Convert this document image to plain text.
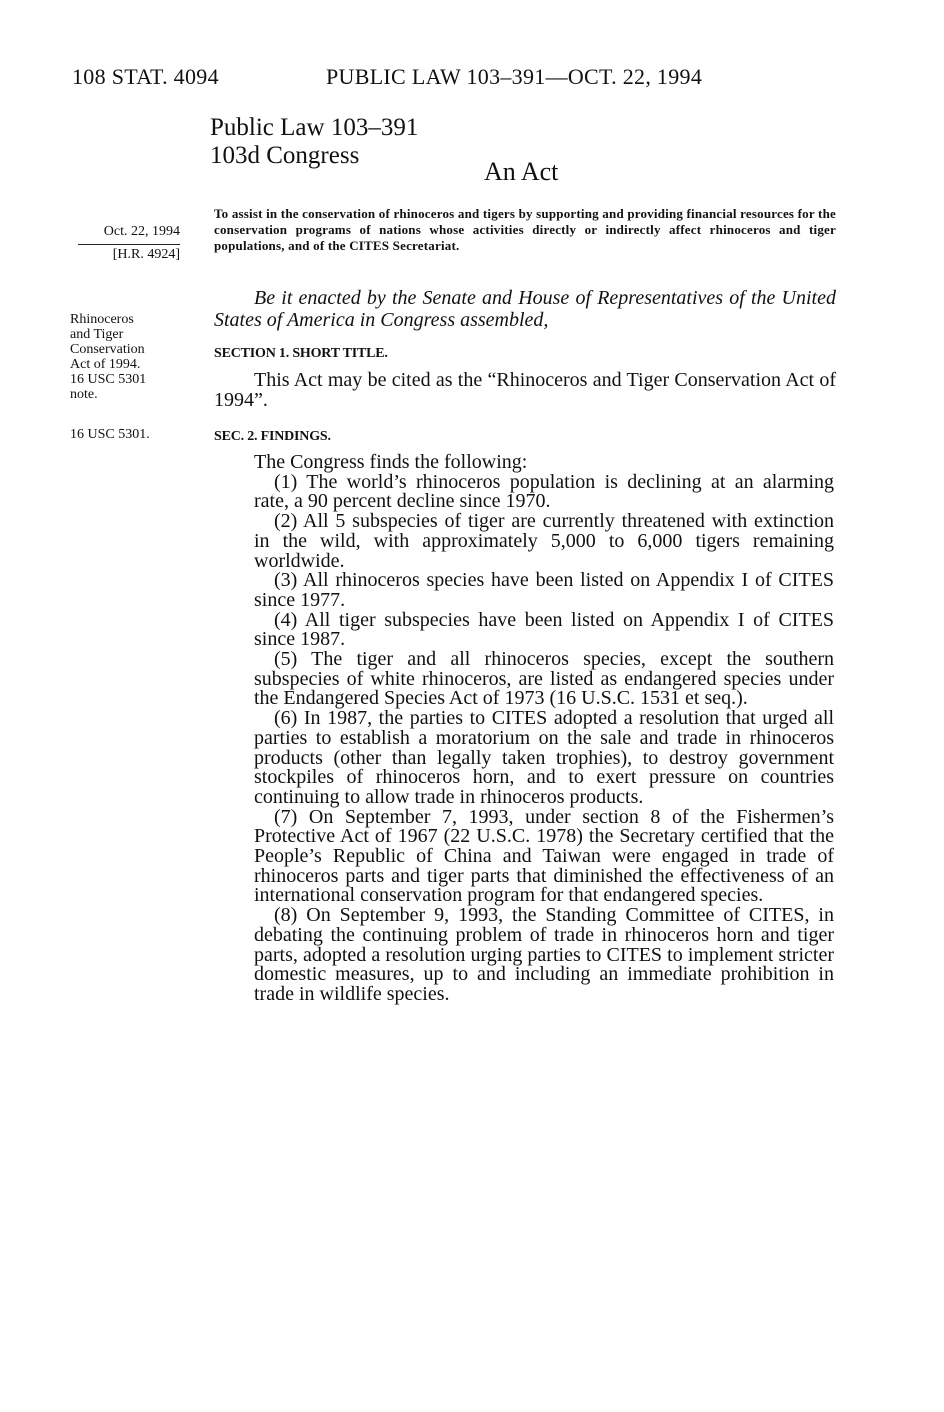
108 STAT. 4094	PUBLIC LAW 103–391—OCT. 22, 1994
Public Law 103–391
103d Congress
An Act
To assist in the conservation of rhinoceros and tigers by supporting and providing financial resources for the conservation programs of nations whose activities directly or indirectly affect rhinoceros and tiger populations, and of the CITES Secretariat.
Oct. 22, 1994
[H.R. 4924]
Rhinoceros
and Tiger
Conservation
Act of 1994.
16 USC 5301
note.
16 USC 5301.
Be it enacted by the Senate and House of Representatives of the United States of America in Congress assembled,
SECTION 1. SHORT TITLE.
This Act may be cited as the “Rhinoceros and Tiger Conservation Act of 1994”.
SEC. 2. FINDINGS.

The Congress finds the following:

(1) The world’s rhinoceros population is declining at an alarming rate, a 90 percent decline since 1970.

(2) All 5 subspecies of tiger are currently threatened with extinction in the wild, with approximately 5,000 to 6,000 tigers remaining worldwide.

(3) All rhinoceros species have been listed on Appendix I of CITES since 1977.

(4) All tiger subspecies have been listed on Appendix I of CITES since 1987.

(5) The tiger and all rhinoceros species, except the southern subspecies of white rhinoceros, are listed as endangered species under the Endangered Species Act of 1973 (16 U.S.C. 1531 et seq.).

(6) In 1987, the parties to CITES adopted a resolution that urged all parties to establish a moratorium on the sale and trade in rhinoceros products (other than legally taken trophies), to destroy government stockpiles of rhinoceros horn, and to exert pressure on countries continuing to allow trade in rhinoceros products.

(7) On September 7, 1993, under section 8 of the Fishermen’s Protective Act of 1967 (22 U.S.C. 1978) the Secretary certified that the People’s Republic of China and Taiwan were engaged in trade of rhinoceros parts and tiger parts that diminished the effectiveness of an international conservation program for that endangered species.

(8) On September 9, 1993, the Standing Committee of CITES, in debating the continuing problem of trade in rhinoceros horn and tiger parts, adopted a resolution urging parties to CITES to implement stricter domestic measures, up to and including an immediate prohibition in trade in wildlife species.
